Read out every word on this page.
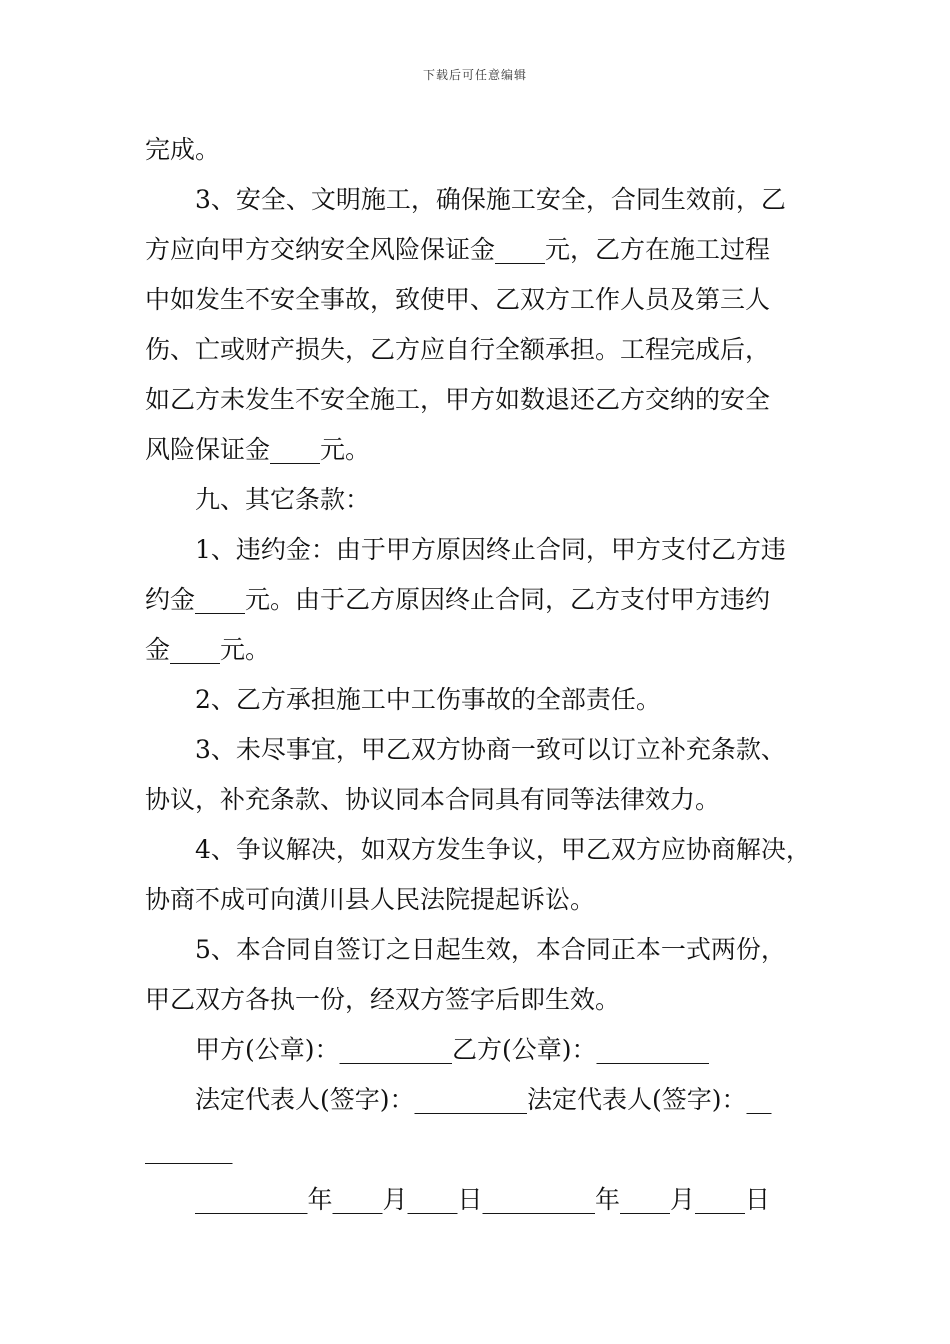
下载后可任意编辑
完成。
3、安全、文明施工，确保施工安全，合同生效前，乙
方应向甲方交纳安全风险保证金____元，乙方在施工过程
中如发生不安全事故，致使甲、乙双方工作人员及第三人
伤、亡或财产损失，乙方应自行全额承担。工程完成后，
如乙方未发生不安全施工，甲方如数退还乙方交纳的安全
风险保证金____元。
九、其它条款：
1、违约金：由于甲方原因终止合同，甲方支付乙方违
约金____元。由于乙方原因终止合同，乙方支付甲方违约
金____元。
2、乙方承担施工中工伤事故的全部责任。
3、未尽事宜，甲乙双方协商一致可以订立补充条款、
协议，补充条款、协议同本合同具有同等法律效力。
4、争议解决，如双方发生争议，甲乙双方应协商解决，
协商不成可向潢川县人民法院提起诉讼。
5、本合同自签订之日起生效，本合同正本一式两份，
甲乙双方各执一份，经双方签字后即生效。
甲方(公章)：_________乙方(公章)：_________
法定代表人(签字)：_________法定代表人(签字)：__
_______
_________年____月____日_________年____月____日
